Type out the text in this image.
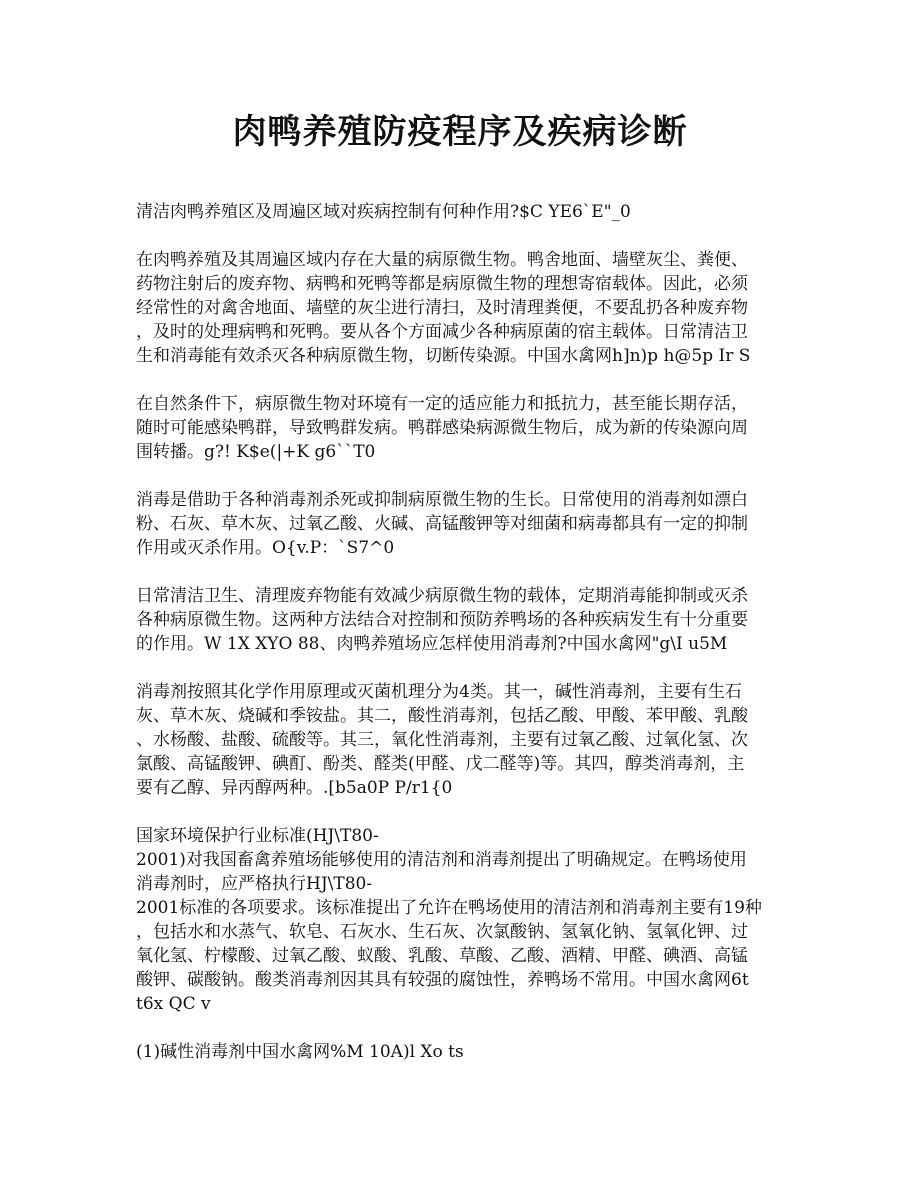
肉鸭养殖防疫程序及疾病诊断

清洁肉鸭养殖区及周遍区域对疾病控制有何种作用?$C YE6`E"_0

在肉鸭养殖及其周遍区域内存在大量的病原微生物。鸭舍地面、墙壁灰尘、粪便、
药物注射后的废弃物、病鸭和死鸭等都是病原微生物的理想寄宿载体。因此，必须
经常性的对禽舍地面、墙壁的灰尘进行清扫，及时清理粪便，不要乱扔各种废弃物
，及时的处理病鸭和死鸭。要从各个方面减少各种病原菌的宿主载体。日常清洁卫
生和消毒能有效杀灭各种病原微生物，切断传染源。中国水禽网h]n)p h@5p Ir S

在自然条件下，病原微生物对环境有一定的适应能力和抵抗力，甚至能长期存活，
随时可能感染鸭群，导致鸭群发病。鸭群感染病源微生物后，成为新的传染源向周
围转播。g?! K$e(|+K g6``T0

消毒是借助于各种消毒剂杀死或抑制病原微生物的生长。日常使用的消毒剂如漂白
粉、石灰、草木灰、过氧乙酸、火碱、高锰酸钾等对细菌和病毒都具有一定的抑制
作用或灭杀作用。O{v.P：`S7^0

日常清洁卫生、清理废弃物能有效减少病原微生物的载体，定期消毒能抑制或灭杀
各种病原微生物。这两种方法结合对控制和预防养鸭场的各种疾病发生有十分重要
的作用。W 1X XYO 88、肉鸭养殖场应怎样使用消毒剂?中国水禽网"g\I u5M

消毒剂按照其化学作用原理或灭菌机理分为4类。其一，碱性消毒剂，主要有生石
灰、草木灰、烧碱和季铵盐。其二，酸性消毒剂，包括乙酸、甲酸、苯甲酸、乳酸
、水杨酸、盐酸、硫酸等。其三，氧化性消毒剂，主要有过氧乙酸、过氧化氢、次
氯酸、高锰酸钾、碘酊、酚类、醛类(甲醛、戊二醛等)等。其四，醇类消毒剂，主
要有乙醇、异丙醇两种。.[b5a0P P/r1{0

国家环境保护行业标准(HJ\T80-
2001)对我国畜禽养殖场能够使用的清洁剂和消毒剂提出了明确规定。在鸭场使用
消毒剂时，应严格执行HJ\T80-
2001标准的各项要求。该标准提出了允许在鸭场使用的清洁剂和消毒剂主要有19种
，包括水和水蒸气、软皂、石灰水、生石灰、次氯酸钠、氢氧化钠、氢氧化钾、过
氧化氢、柠檬酸、过氧乙酸、蚁酸、乳酸、草酸、乙酸、酒精、甲醛、碘酒、高锰
酸钾、碳酸钠。酸类消毒剂因其具有较强的腐蚀性，养鸭场不常用。中国水禽网6t
t6x QC v

(1)碱性消毒剂中国水禽网%M 10A)l Xo ts
